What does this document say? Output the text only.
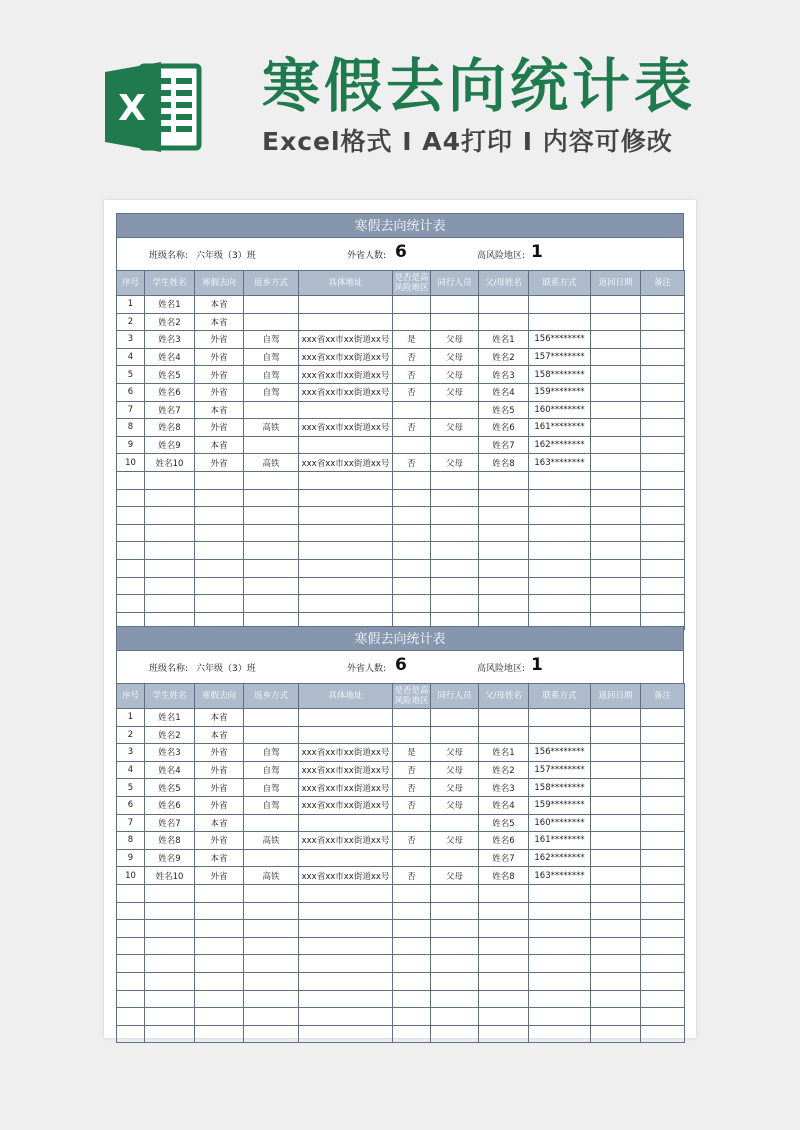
X 寒假去向统计表
Excel格式 I A4打印 I 内容可修改
寒假去向统计表
班级名称: 六年级（3）班	外省人数: 6	高风险地区: 1
序号	学生姓名	寒假去向	返乡方式	具体地址	是否是高风险地区	同行人员	父/母姓名	联系方式	返回日期	备注
1	姓名1	本省								
2	姓名2	本省								
3	姓名3	外省	自驾	xxx省xx市xx街道xx号	是	父母	姓名1	156********		
4	姓名4	外省	自驾	xxx省xx市xx街道xx号	否	父母	姓名2	157********		
5	姓名5	外省	自驾	xxx省xx市xx街道xx号	否	父母	姓名3	158********		
6	姓名6	外省	自驾	xxx省xx市xx街道xx号	否	父母	姓名4	159********		
7	姓名7	本省					姓名5	160********		
8	姓名8	外省	高铁	xxx省xx市xx街道xx号	否	父母	姓名6	161********		
9	姓名9	本省					姓名7	162********		
10	姓名10	外省	高铁	xxx省xx市xx街道xx号	否	父母	姓名8	163********		

寒假去向统计表
班级名称: 六年级（3）班	外省人数: 6	高风险地区: 1
序号	学生姓名	寒假去向	返乡方式	具体地址	是否是高风险地区	同行人员	父/母姓名	联系方式	返回日期	备注
1	姓名1	本省								
2	姓名2	本省								
3	姓名3	外省	自驾	xxx省xx市xx街道xx号	是	父母	姓名1	156********		
4	姓名4	外省	自驾	xxx省xx市xx街道xx号	否	父母	姓名2	157********		
5	姓名5	外省	自驾	xxx省xx市xx街道xx号	否	父母	姓名3	158********		
6	姓名6	外省	自驾	xxx省xx市xx街道xx号	否	父母	姓名4	159********		
7	姓名7	本省					姓名5	160********		
8	姓名8	外省	高铁	xxx省xx市xx街道xx号	否	父母	姓名6	161********		
9	姓名9	本省					姓名7	162********		
10	姓名10	外省	高铁	xxx省xx市xx街道xx号	否	父母	姓名8	163********		
